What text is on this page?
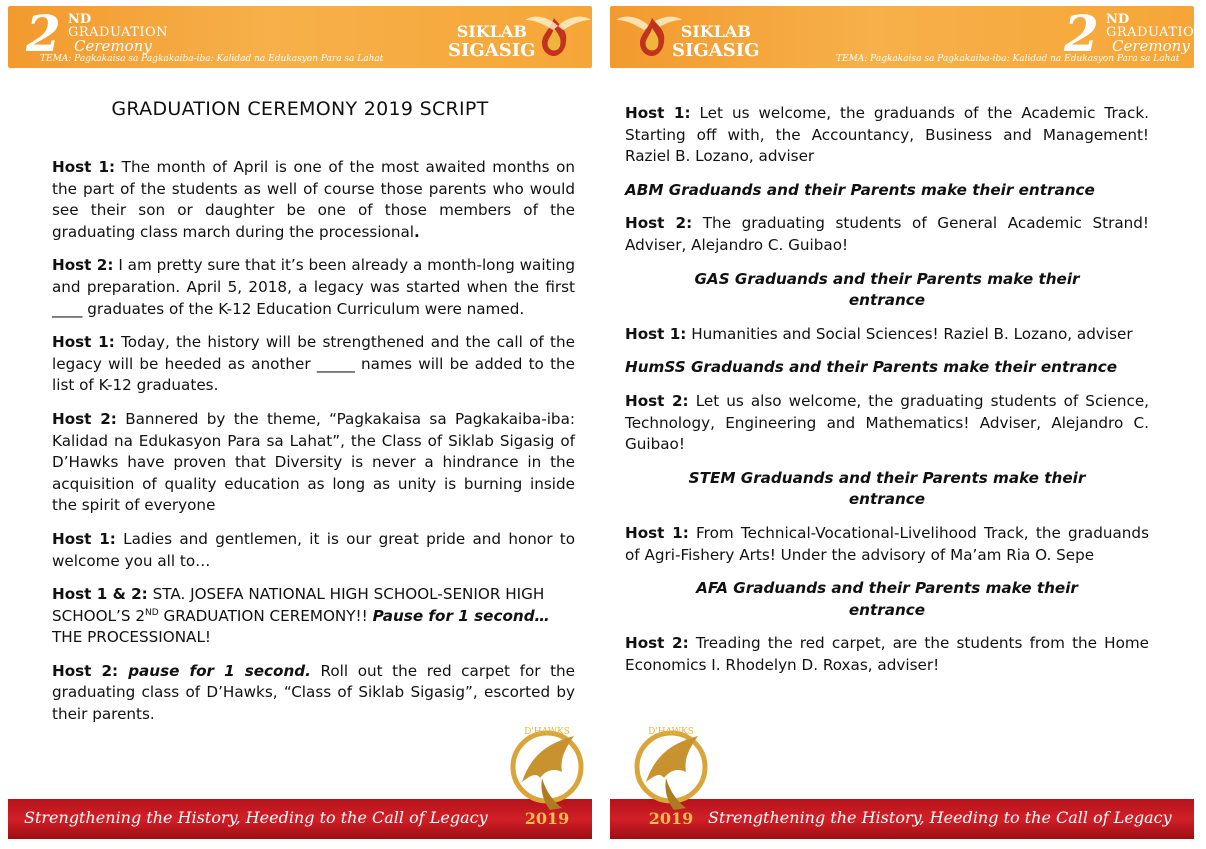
2 ND
GRADUATION
Ceremony
TEMA: Pagkakaisa sa Pagkakaiba-iba: Kalidad na Edukasyon Para sa Lahat
SIKLAB
SIGASIG
GRADUATION CEREMONY 2019 SCRIPT

Host 1: The month of April is one of the most awaited months on the part of the students as well of course those parents who would see their son or daughter be one of those members of the graduating class march during the processional.

Host 2: I am pretty sure that it’s been already a month-long waiting and preparation. April 5, 2018, a legacy was started when the first ____ graduates of the K-12 Education Curriculum were named.

Host 1: Today, the history will be strengthened and the call of the legacy will be heeded as another _____ names will be added to the list of K-12 graduates.

Host 2: Bannered by the theme, “Pagkakaisa sa Pagkakaiba-iba: Kalidad na Edukasyon Para sa Lahat”, the Class of Siklab Sigasig of D’Hawks have proven that Diversity is never a hindrance in the acquisition of quality education as long as unity is burning inside the spirit of everyone

Host 1: Ladies and gentlemen, it is our great pride and honor to welcome you all to…

Host 1 & 2: STA. JOSEFA NATIONAL HIGH SCHOOL-SENIOR HIGH SCHOOL’S 2ND GRADUATION CEREMONY!! Pause for 1 second… THE PROCESSIONAL!

Host 2: pause for 1 second. Roll out the red carpet for the graduating class of D’Hawks, “Class of Siklab Sigasig”, escorted by their parents.

Strengthening the History, Heeding to the Call of Legacy
D'HAWKS
2019
SIKLAB
SIGASIG	2 ND
GRADUATION
Ceremony
TEMA: Pagkakaisa sa Pagkakaiba-iba: Kalidad na Edukasyon Para sa Lahat

Host 1: Let us welcome, the graduands of the Academic Track. Starting off with, the Accountancy, Business and Management! Raziel B. Lozano, adviser

ABM Graduands and their Parents make their entrance

Host 2: The graduating students of General Academic Strand! Adviser, Alejandro C. Guibao!

GAS Graduands and their Parents make their entrance

Host 1: Humanities and Social Sciences! Raziel B. Lozano, adviser

HumSS Graduands and their Parents make their entrance

Host 2: Let us also welcome, the graduating students of Science, Technology, Engineering and Mathematics! Adviser, Alejandro C. Guibao!

STEM Graduands and their Parents make their entrance

Host 1: From Technical-Vocational-Livelihood Track, the graduands of Agri-Fishery Arts! Under the advisory of Ma’am Ria O. Sepe

AFA Graduands and their Parents make their entrance

Host 2: Treading the red carpet, are the students from the Home Economics I. Rhodelyn D. Roxas, adviser!

Strengthening the History, Heeding to the Call of Legacy
D'HAWKS
2019
